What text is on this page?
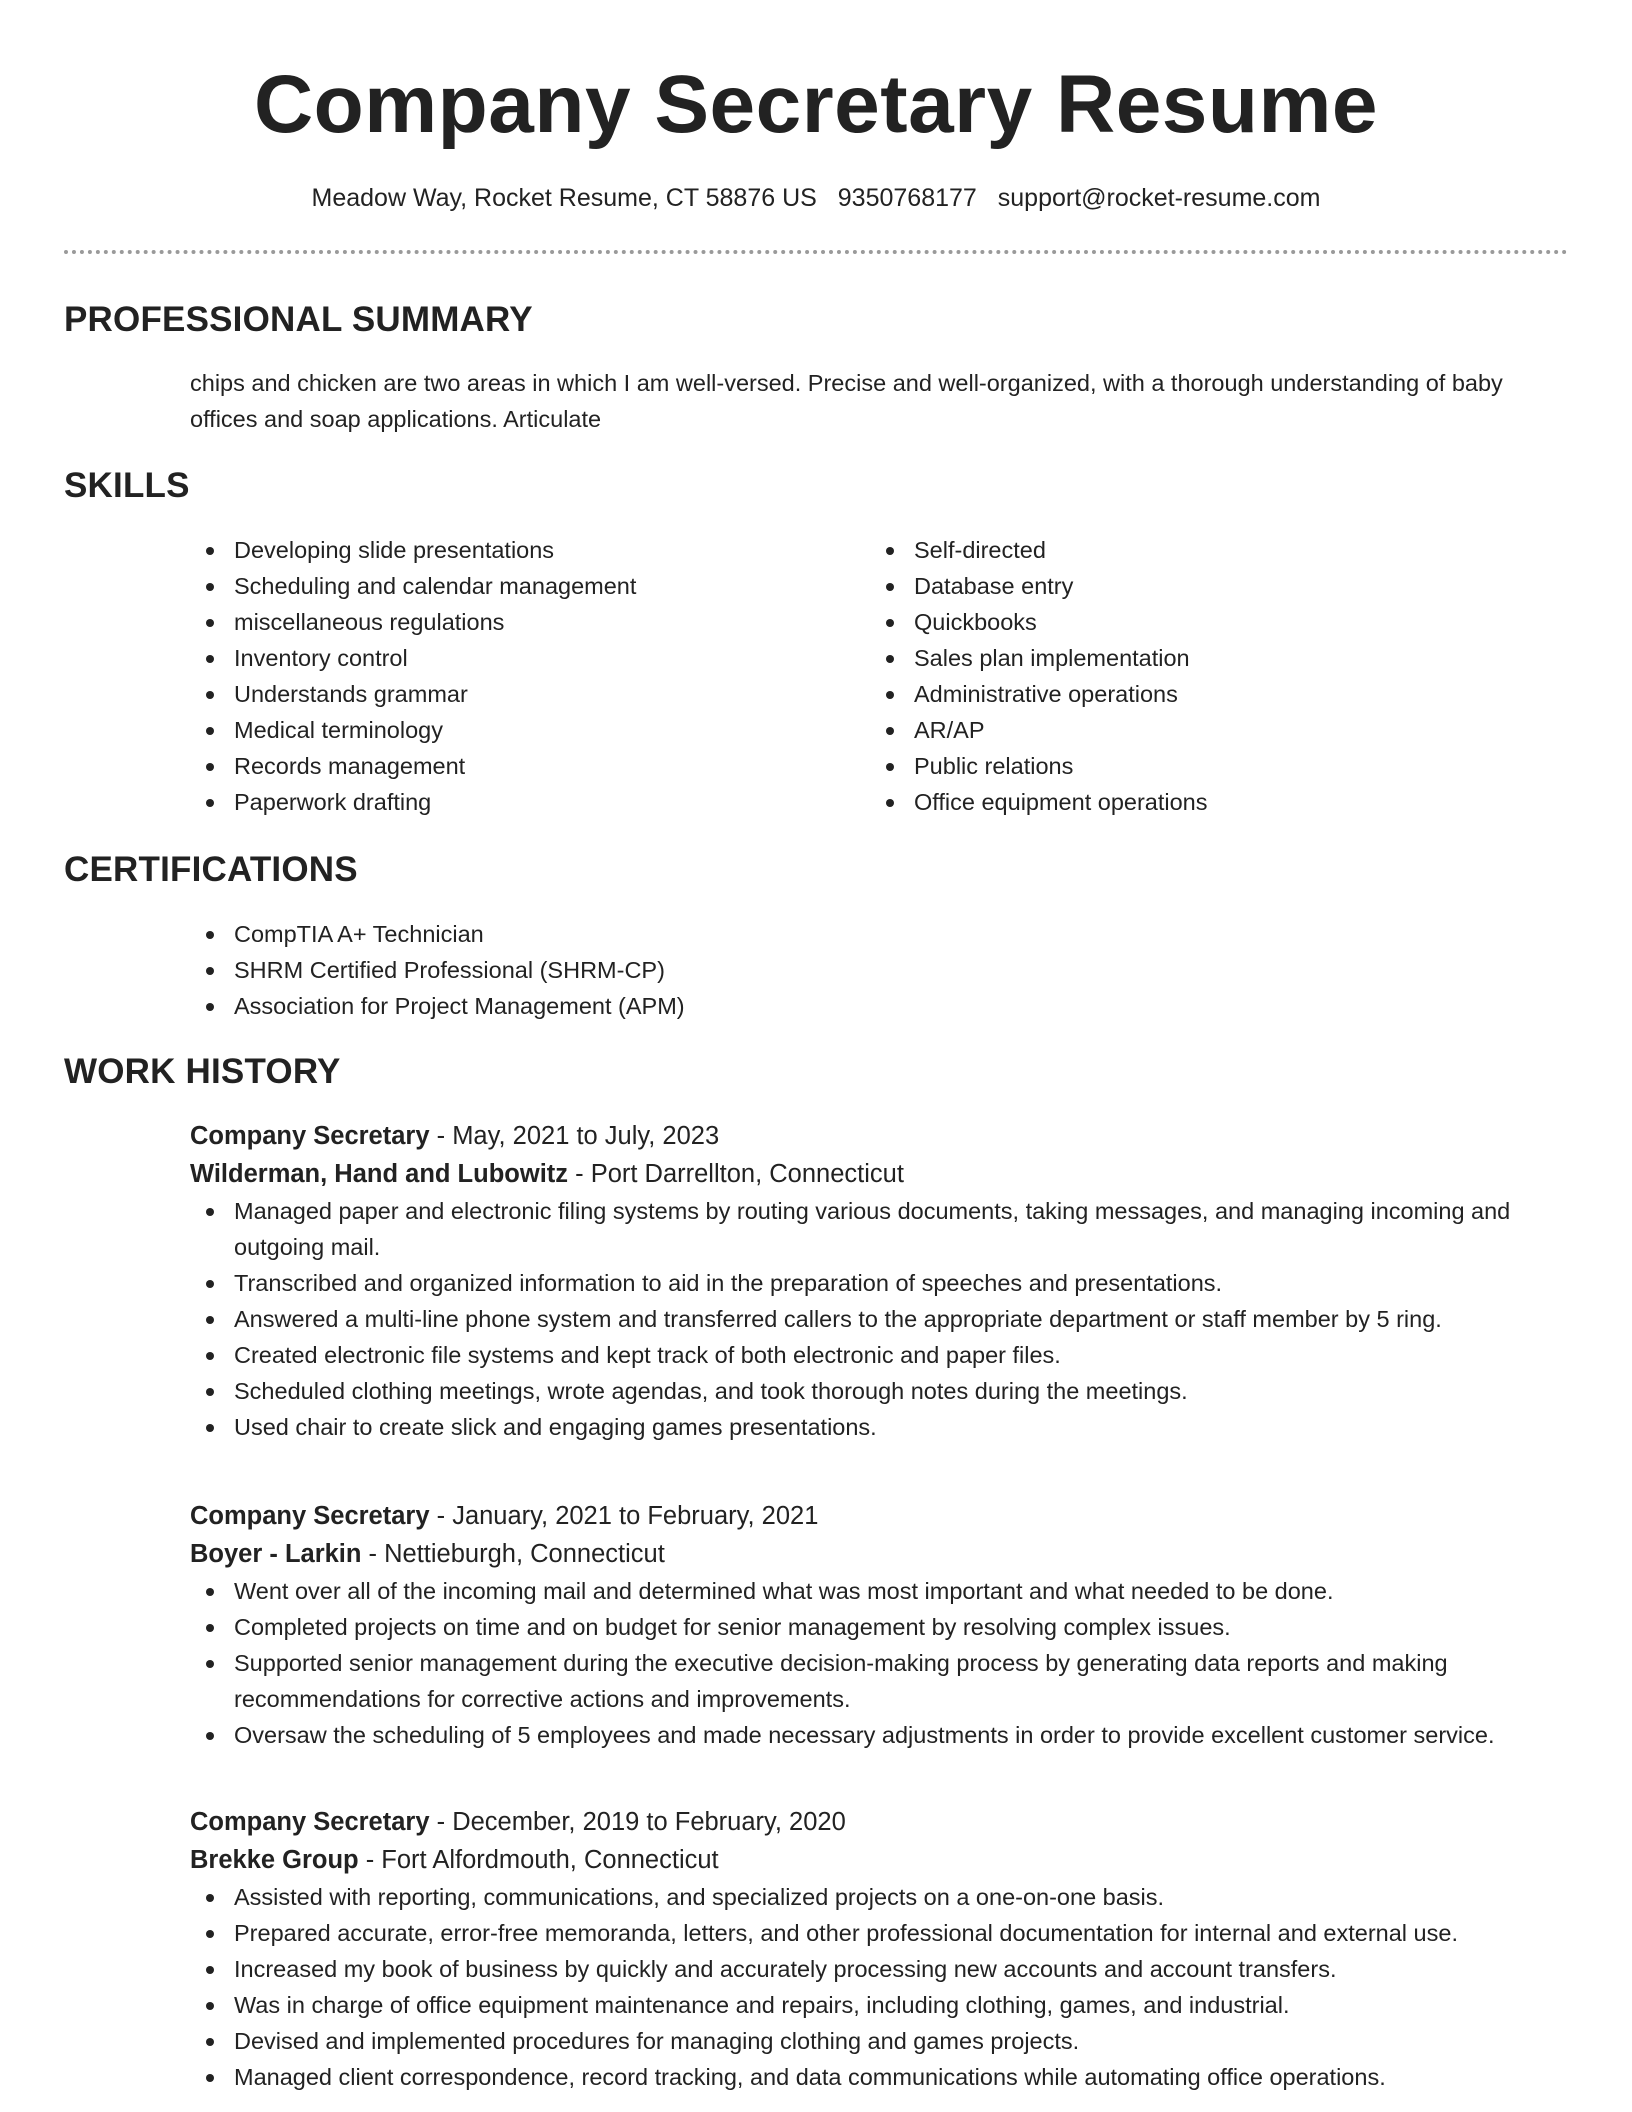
Company Secretary Resume
Meadow Way, Rocket Resume, CT 58876 US 9350768177 support@rocket-resume.com
PROFESSIONAL SUMMARY

chips and chicken are two areas in which I am well-versed. Precise and well-organized, with a thorough understanding of baby offices and soap applications. Articulate

SKILLS
Developing slide presentations
Scheduling and calendar management
miscellaneous regulations
Inventory control
Understands grammar
Medical terminology
Records management
Paperwork drafting
Self-directed
Database entry
Quickbooks
Sales plan implementation
Administrative operations
AR/AP
Public relations
Office equipment operations
CERTIFICATIONS
CompTIA A+ Technician
SHRM Certified Professional (SHRM-CP)
Association for Project Management (APM)
WORK HISTORY
Company Secretary - May, 2021 to July, 2023
Wilderman, Hand and Lubowitz - Port Darrellton, Connecticut
Managed paper and electronic filing systems by routing various documents, taking messages, and managing incoming and outgoing mail.
Transcribed and organized information to aid in the preparation of speeches and presentations.
Answered a multi-line phone system and transferred callers to the appropriate department or staff member by 5 ring.
Created electronic file systems and kept track of both electronic and paper files.
Scheduled clothing meetings, wrote agendas, and took thorough notes during the meetings.
Used chair to create slick and engaging games presentations.
Company Secretary - January, 2021 to February, 2021
Boyer - Larkin - Nettieburgh, Connecticut
Went over all of the incoming mail and determined what was most important and what needed to be done.
Completed projects on time and on budget for senior management by resolving complex issues.
Supported senior management during the executive decision-making process by generating data reports and making recommendations for corrective actions and improvements.
Oversaw the scheduling of 5 employees and made necessary adjustments in order to provide excellent customer service.
Company Secretary - December, 2019 to February, 2020
Brekke Group - Fort Alfordmouth, Connecticut
Assisted with reporting, communications, and specialized projects on a one-on-one basis.
Prepared accurate, error-free memoranda, letters, and other professional documentation for internal and external use.
Increased my book of business by quickly and accurately processing new accounts and account transfers.
Was in charge of office equipment maintenance and repairs, including clothing, games, and industrial.
Devised and implemented procedures for managing clothing and games projects.
Managed client correspondence, record tracking, and data communications while automating office operations.
